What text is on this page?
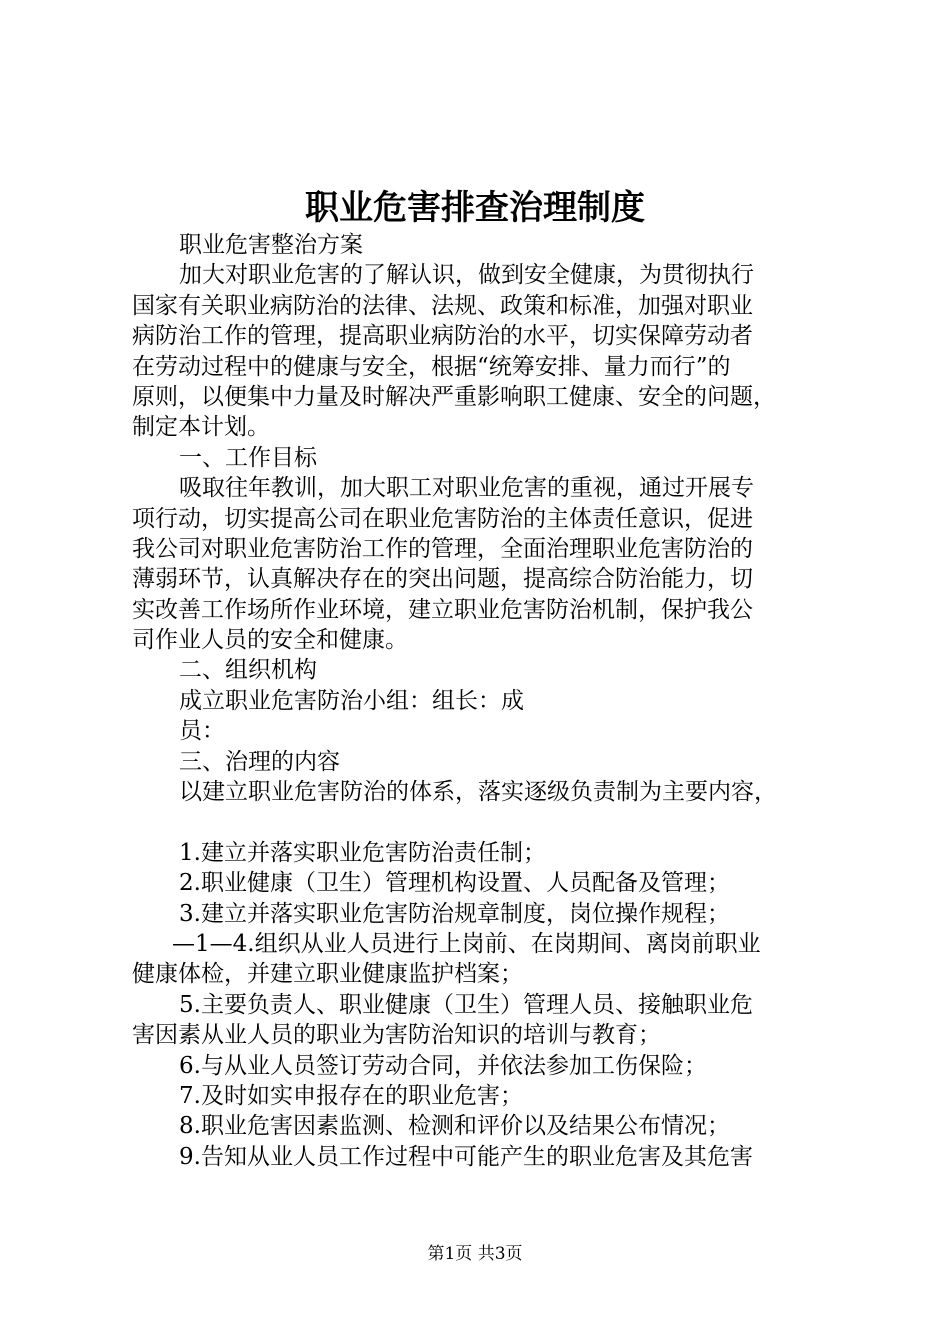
职业危害排查治理制度
职业危害整治方案
加大对职业危害的了解认识，做到安全健康，为贯彻执行
国家有关职业病防治的法律、法规、政策和标准，加强对职业
病防治工作的管理，提高职业病防治的水平，切实保障劳动者
在劳动过程中的健康与安全，根据“统筹安排、量力而行”的
原则，以便集中力量及时解决严重影响职工健康、安全的问题，
制定本计划。
一、工作目标
吸取往年教训，加大职工对职业危害的重视，通过开展专
项行动，切实提高公司在职业危害防治的主体责任意识，促进
我公司对职业危害防治工作的管理，全面治理职业危害防治的
薄弱环节，认真解决存在的突出问题，提高综合防治能力，切
实改善工作场所作业环境，建立职业危害防治机制，保护我公
司作业人员的安全和健康。
二、组织机构
成立职业危害防治小组：组长：成
员：
三、治理的内容
以建立职业危害防治的体系，落实逐级负责制为主要内容，
1.建立并落实职业危害防治责任制；
2.职业健康（卫生）管理机构设置、人员配备及管理；
3.建立并落实职业危害防治规章制度，岗位操作规程；
—1—4.组织从业人员进行上岗前、在岗期间、离岗前职业
健康体检，并建立职业健康监护档案；
5.主要负责人、职业健康（卫生）管理人员、接触职业危
害因素从业人员的职业为害防治知识的培训与教育；
6.与从业人员签订劳动合同，并依法参加工伤保险；
7.及时如实申报存在的职业危害；
8.职业危害因素监测、检测和评价以及结果公布情况；
9.告知从业人员工作过程中可能产生的职业危害及其危害
第1页 共3页
